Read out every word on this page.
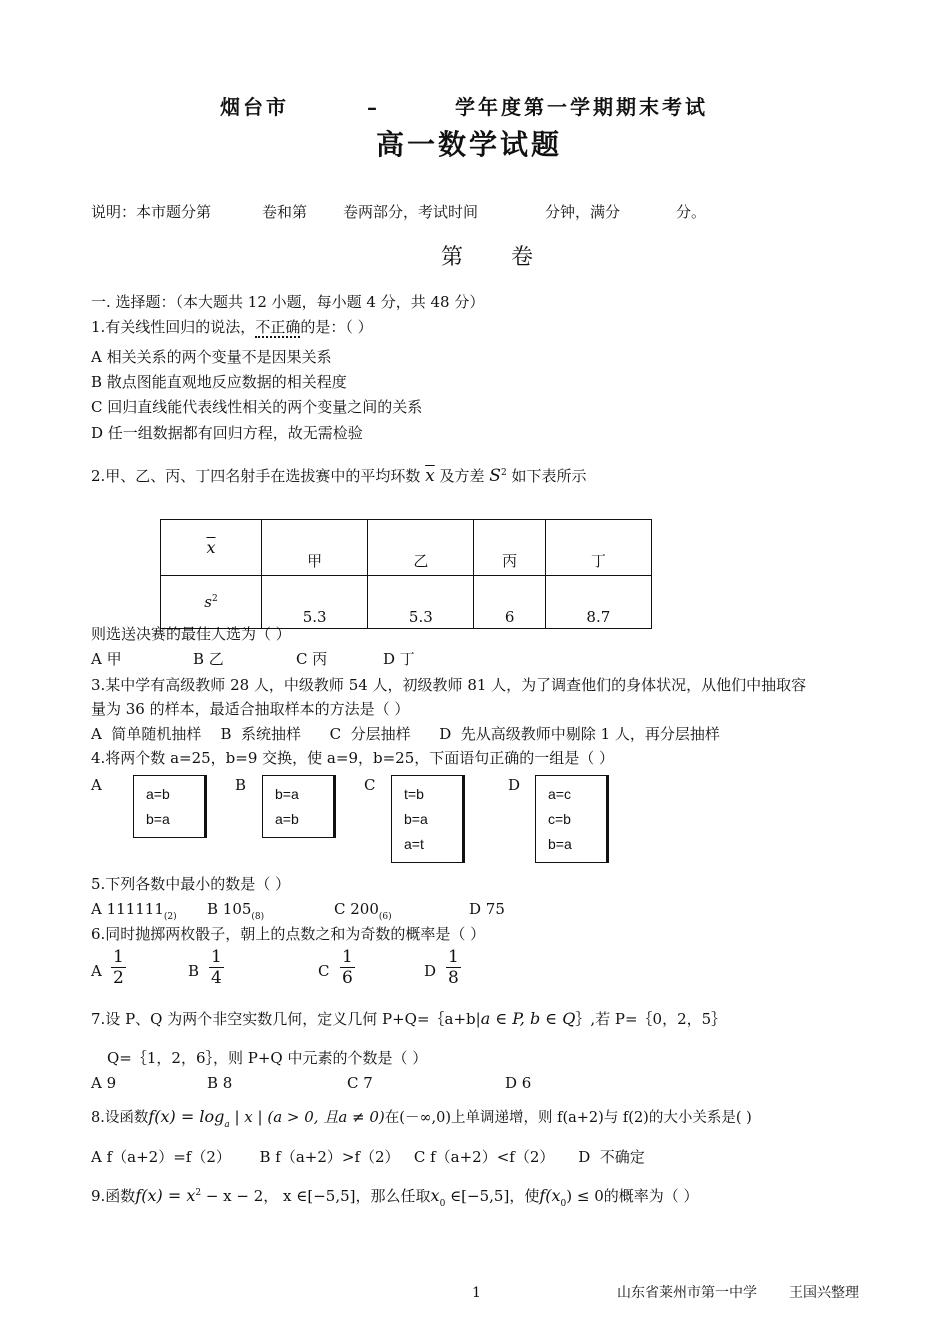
烟台市	–	学年度第一学期期末考试
高一数学试题
说明：本市题分第	卷和第 卷两部分，考试时间	分钟，满分	分。
第    卷
一. 选择题：（本大题共 12 小题，每小题 4 分，共 48 分）
1.有关线性回归的说法，不正确的是：（ ）
A 相关关系的两个变量不是因果关系
B 散点图能直观地反应数据的相关程度
C 回归直线能代表线性相关的两个变量之间的关系
D 任一组数据都有回归方程，故无需检验
2.甲、乙、丙、丁四名射手在选拔赛中的平均环数 $\overline{x}$ 及方差 $S^2$ 如下表所示
$\overline{x}$	甲	乙	丙	丁
$s^2$	5.3	5.3	6	8.7
则选送决赛的最佳人选为（ ）
A 甲	B 乙	C 丙	D 丁
3.某中学有高级教师 28 人，中级教师 54 人，初级教师 81 人，为了调查他们的身体状况，从他们中抽取容
量为 36 的样本，最适合抽取样本的方法是（ ）
A  简单随机抽样    B  系统抽样      C  分层抽样      D  先从高级教师中剔除 1 人，再分层抽样
4.将两个数 a=25，b=9 交换，使 a=9，b=25，下面语句正确的一组是（ ）
A	B	C	D
a=b
b=a
b=a
a=b
t=b
b=a
a=t
a=c
c=b
b=a
5.下列各数中最小的数是（ ）
A $111111_{(2)}$ B $105_{(8)}$	C $200_{(6)}$	D 75
6.同时抛掷两枚骰子，朝上的点数之和为奇数的概率是（ ）
A $\frac{1}{2}$	B $\frac{1}{4}$	C $\frac{1}{6}$	D $\frac{1}{8}$
7.设 P、Q 为两个非空实数几何，定义几何 P+Q=｛a+b|a ∈ P, b ∈ Q｝,若 P=｛0，2，5｝
Q=｛1，2，6｝，则 P+Q 中元素的个数是（ ）
A 9	B 8	C 7	D 6
8.设函数$f(x) = \log_a$ | x | (a > 0, 且a ≠ 0)在(－∞,0)上单调递增，则 f(a+2)与 f(2)的大小关系是( )
A f（a+2）=f（2）      B f（a+2）>f（2）   C f（a+2）<f（2）     D  不确定
9.函数$f(x) = x^2 - x - 2$， x ∈[−5,5]，那么任取$x_0$ ∈[−5,5]，使$f(x_0) \le 0$的概率为（ ）
1	山东省莱州市第一中学 王国兴整理
